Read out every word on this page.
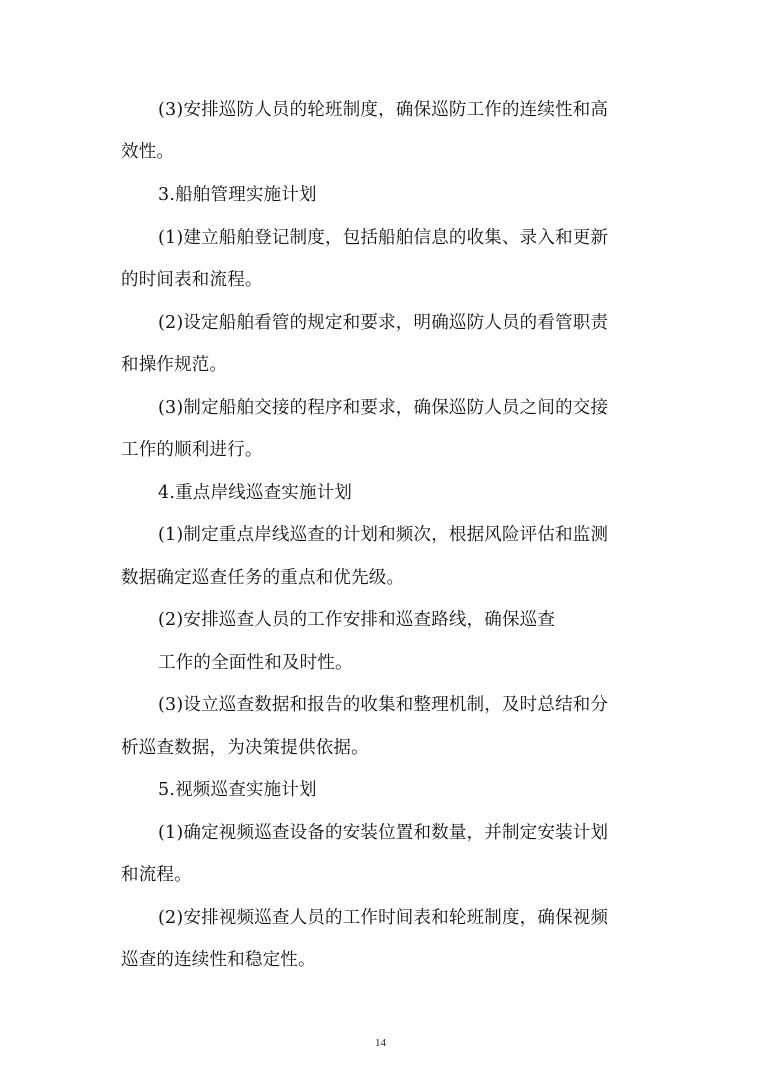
(3)安排巡防人员的轮班制度，确保巡防工作的连续性和高
效性。
3.船舶管理实施计划
(1)建立船舶登记制度，包括船舶信息的收集、录入和更新
的时间表和流程。
(2)设定船舶看管的规定和要求，明确巡防人员的看管职责
和操作规范。
(3)制定船舶交接的程序和要求，确保巡防人员之间的交接
工作的顺利进行。
4.重点岸线巡查实施计划
(1)制定重点岸线巡查的计划和频次，根据风险评估和监测
数据确定巡查任务的重点和优先级。
(2)安排巡查人员的工作安排和巡查路线，确保巡查
工作的全面性和及时性。
(3)设立巡查数据和报告的收集和整理机制，及时总结和分
析巡查数据，为决策提供依据。
5.视频巡查实施计划
(1)确定视频巡查设备的安装位置和数量，并制定安装计划
和流程。
(2)安排视频巡查人员的工作时间表和轮班制度，确保视频
巡查的连续性和稳定性。
14
